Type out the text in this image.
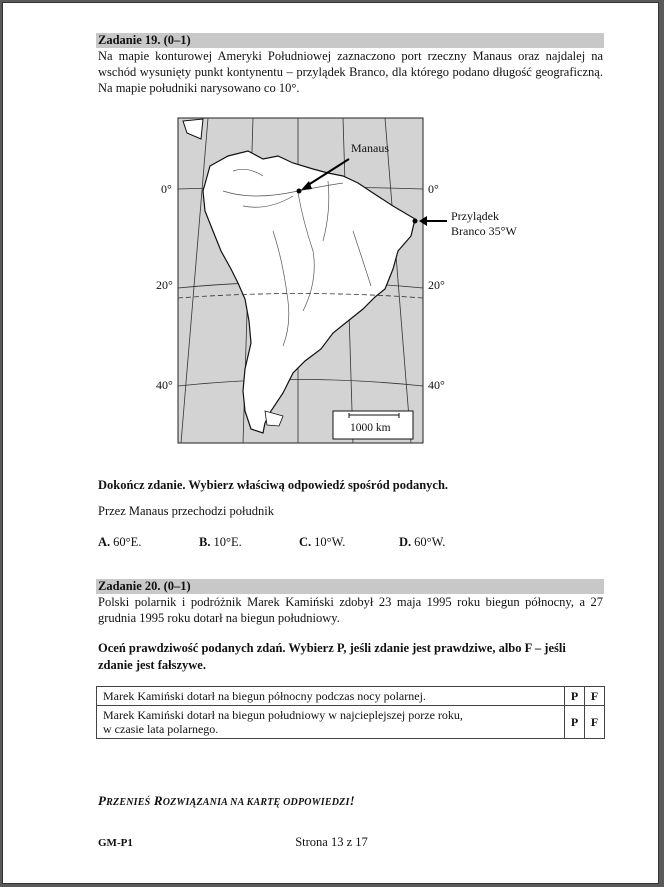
Zadanie 19. (0–1)
Na mapie konturowej Ameryki Południowej zaznaczono port rzeczny Manaus oraz najdalej na wschód wysunięty punkt kontynentu – przylądek Branco, dla którego podano długość geograficzną. Na mapie południki narysowano co 10°.
Manaus
Przylądek
Branco 35°W
0°	0°
20°	20°
40°	40°
1000 km
Dokończ zdanie. Wybierz właściwą odpowiedź spośród podanych.
Przez Manaus przechodzi południk
A. 60°E.	B. 10°E.	C. 10°W.	D. 60°W.
Zadanie 20. (0–1)
Polski polarnik i podróżnik Marek Kamiński zdobył 23 maja 1995 roku biegun północny, a 27 grudnia 1995 roku dotarł na biegun południowy.
Oceń prawdziwość podanych zdań. Wybierz P, jeśli zdanie jest prawdziwe, albo F – jeśli zdanie jest fałszywe.
Marek Kamiński dotarł na biegun północny podczas nocy polarnej.	P	F
Marek Kamiński dotarł na biegun południowy w najcieplejszej porze roku,
w czasie lata polarnego.	P	F
PRZENIEŚ ROZWIĄZANIA NA KARTĘ ODPOWIEDZI!
GM-P1	Strona 13 z 17
